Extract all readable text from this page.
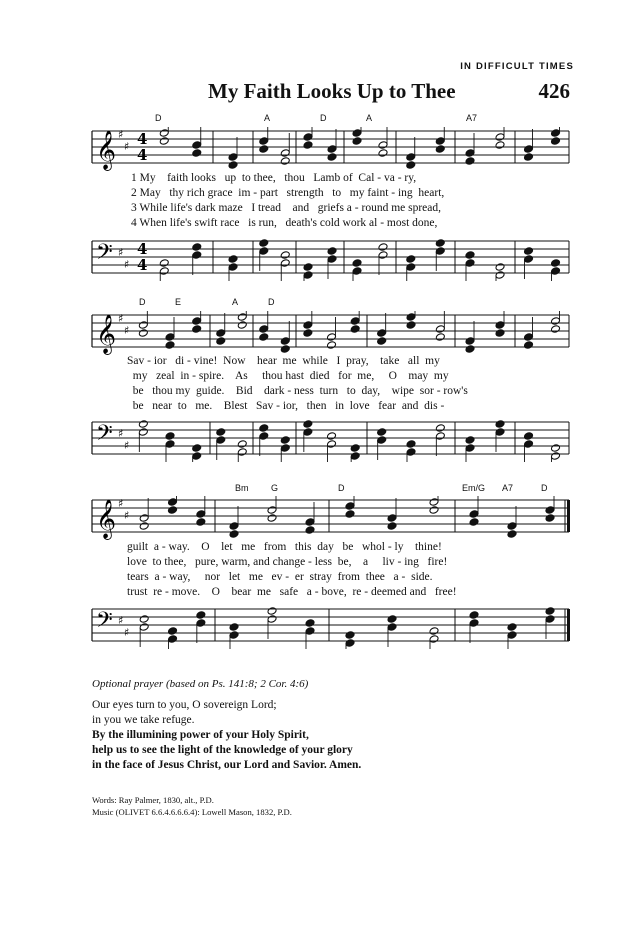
IN DIFFICULT TIMES
My Faith Looks Up to Thee	426
D	A	D	A	A7
𝄞 ♯
♯ 4
4
𝄢 ♯
♯
4
4
1 My    faith looks   up  to thee,   thou   Lamb of  Cal - va - ry,
2 May   thy rich grace  im - part   strength   to   my faint - ing  heart,
3 While life's dark maze   I tread    and   griefs a - round me spread,
4 When life's swift race   is run,   death's cold work al - most done,
D	E	A	D
𝄞 ♯
♯
𝄢 ♯
♯
Sav - ior   di - vine!  Now    hear  me  while   I  pray,    take   all  my
my   zeal  in - spire.    As     thou hast  died   for  me,     O    may  my
be   thou my  guide.    Bid    dark - ness  turn   to  day,    wipe  sor - row's
be   near  to   me.    Blest   Sav - ior,   then   in  love   fear  and  dis -
Bm	G	D	Em/G A7	D
𝄞 ♯
♯
𝄢 ♯
♯
guilt  a - way.    O    let   me   from   this  day   be   whol - ly    thine!
love  to thee,   pure, warm, and change - less  be,    a     liv - ing   fire!
tears  a - way,     nor   let   me   ev -  er  stray  from  thee   a -  side.
trust  re - move.    O    bear  me   safe   a - bove,  re - deemed and   free!
Optional prayer (based on Ps. 141:8; 2 Cor. 4:6)
Our eyes turn to you, O sovereign Lord;
in you we take refuge.
By the illumining power of your Holy Spirit,
help us to see the light of the knowledge of your glory
in the face of Jesus Christ, our Lord and Savior. Amen.
Words: Ray Palmer, 1830, alt., P.D.
Music (OLIVET 6.6.4.6.6.6.4): Lowell Mason, 1832, P.D.
